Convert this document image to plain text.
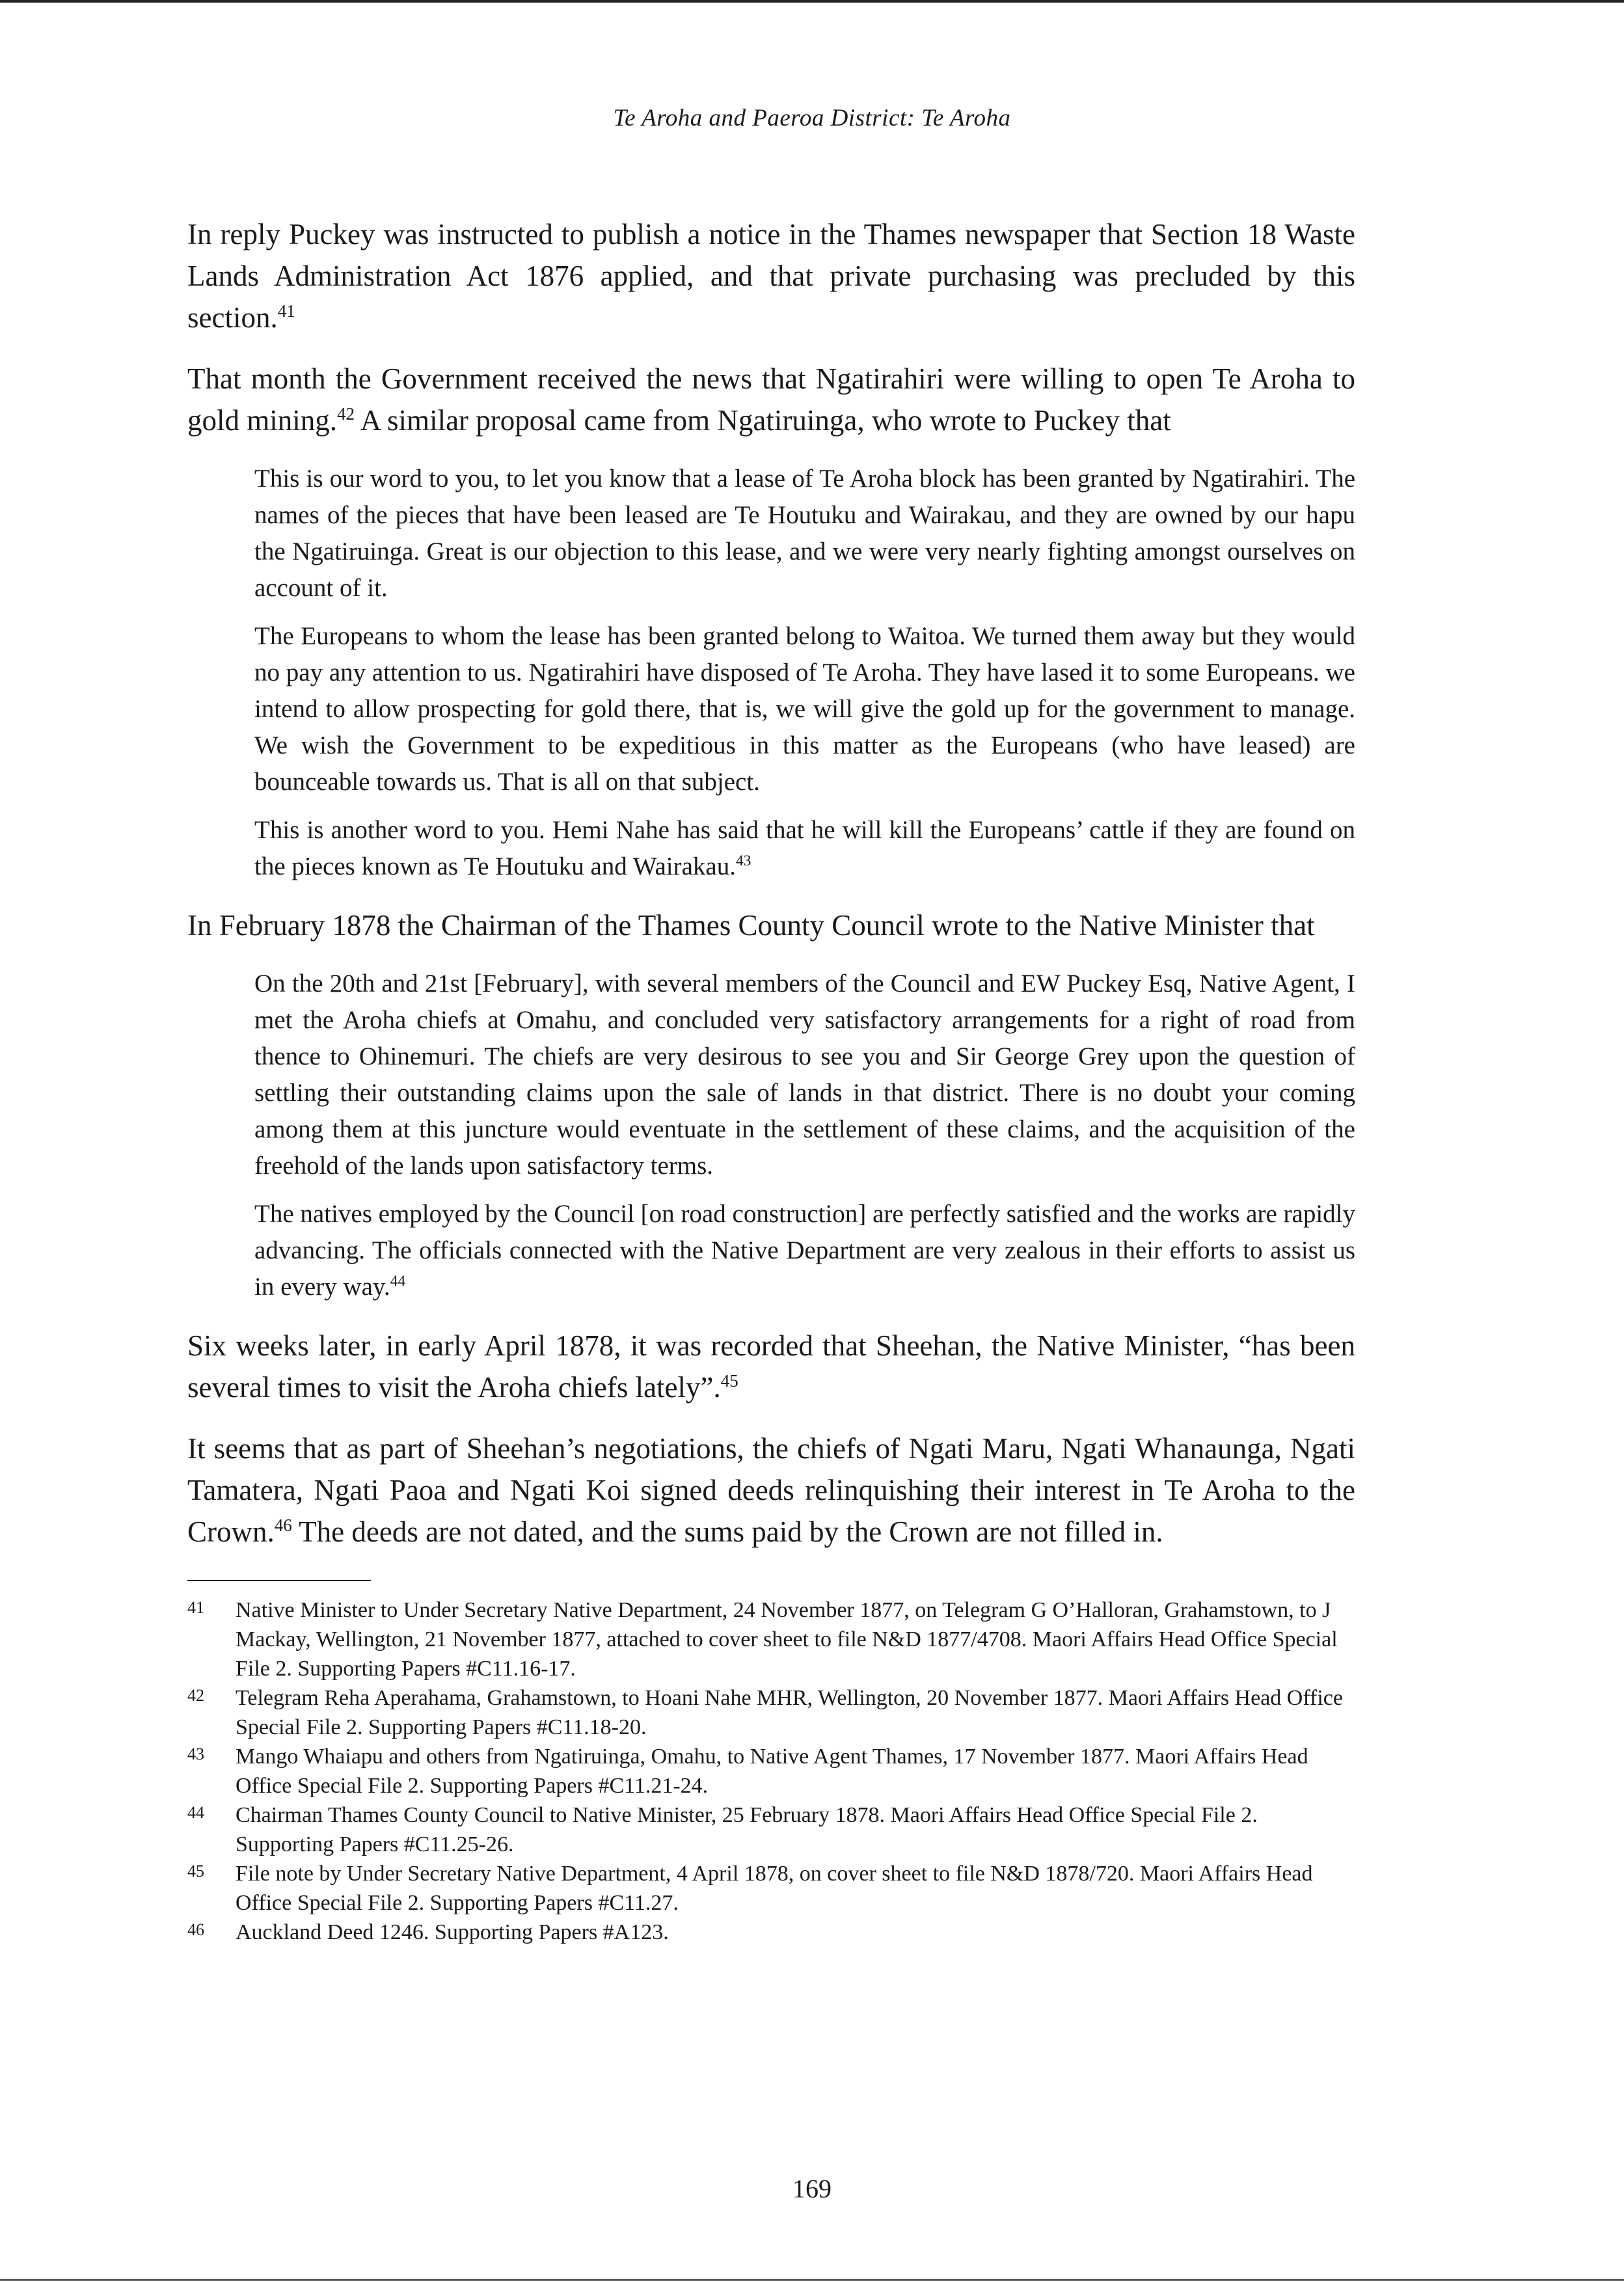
Te Aroha and Paeroa District: Te Aroha

In reply Puckey was instructed to publish a notice in the Thames newspaper that Section 18 Waste Lands Administration Act 1876 applied, and that private purchasing was precluded by this section.$^{41}$

That month the Government received the news that Ngatirahiri were willing to open Te Aroha to gold mining.$^{42}$ A similar proposal came from Ngatiruinga, who wrote to Puckey that

This is our word to you, to let you know that a lease of Te Aroha block has been granted by Ngatirahiri. The names of the pieces that have been leased are Te Houtuku and Wairakau, and they are owned by our hapu the Ngatiruinga. Great is our objection to this lease, and we were very nearly fighting amongst ourselves on account of it.

The Europeans to whom the lease has been granted belong to Waitoa. We turned them away but they would no pay any attention to us. Ngatirahiri have disposed of Te Aroha. They have lased it to some Europeans. we intend to allow prospecting for gold there, that is, we will give the gold up for the government to manage. We wish the Government to be expeditious in this matter as the Europeans (who have leased) are bounceable towards us. That is all on that subject.

This is another word to you. Hemi Nahe has said that he will kill the Europeans’ cattle if they are found on the pieces known as Te Houtuku and Wairakau.$^{43}$

In February 1878 the Chairman of the Thames County Council wrote to the Native Minister that

On the 20th and 21st [February], with several members of the Council and EW Puckey Esq, Native Agent, I met the Aroha chiefs at Omahu, and concluded very satisfactory arrangements for a right of road from thence to Ohinemuri. The chiefs are very desirous to see you and Sir George Grey upon the question of settling their outstanding claims upon the sale of lands in that district. There is no doubt your coming among them at this juncture would eventuate in the settlement of these claims, and the acquisition of the freehold of the lands upon satisfactory terms.

The natives employed by the Council [on road construction] are perfectly satisfied and the works are rapidly advancing. The officials connected with the Native Department are very zealous in their efforts to assist us in every way.$^{44}$

Six weeks later, in early April 1878, it was recorded that Sheehan, the Native Minister, “has been several times to visit the Aroha chiefs lately”.$^{45}$

It seems that as part of Sheehan’s negotiations, the chiefs of Ngati Maru, Ngati Whanaunga, Ngati Tamatera, Ngati Paoa and Ngati Koi signed deeds relinquishing their interest in Te Aroha to the Crown.$^{46}$ The deeds are not dated, and the sums paid by the Crown are not filled in.

41	Native Minister to Under Secretary Native Department, 24 November 1877, on Telegram G O’Halloran, Grahamstown, to J Mackay, Wellington, 21 November 1877, attached to cover sheet to file N&D 1877/4708. Maori Affairs Head Office Special File 2. Supporting Papers #C11.16-17.
42	Telegram Reha Aperahama, Grahamstown, to Hoani Nahe MHR, Wellington, 20 November 1877. Maori Affairs Head Office Special File 2. Supporting Papers #C11.18-20.
43	Mango Whaiapu and others from Ngatiruinga, Omahu, to Native Agent Thames, 17 November 1877. Maori Affairs Head Office Special File 2. Supporting Papers #C11.21-24.
44	Chairman Thames County Council to Native Minister, 25 February 1878. Maori Affairs Head Office Special File 2. Supporting Papers #C11.25-26.
45	File note by Under Secretary Native Department, 4 April 1878, on cover sheet to file N&D 1878/720. Maori Affairs Head Office Special File 2. Supporting Papers #C11.27.
46	Auckland Deed 1246. Supporting Papers #A123.
169
